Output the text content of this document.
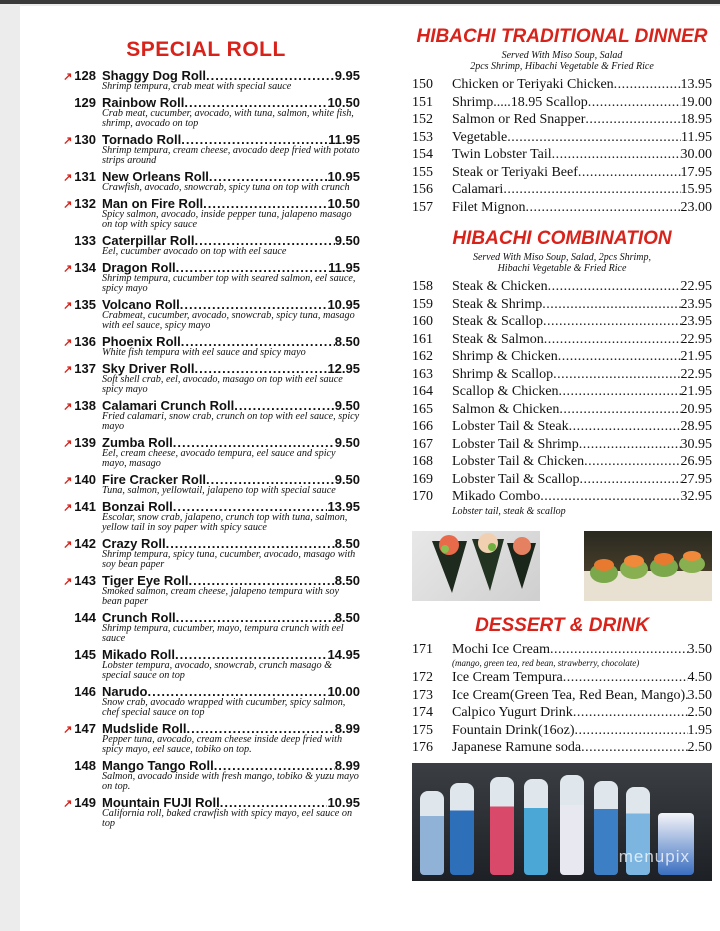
SPECIAL ROLL
↗ 128 Shaggy Dog Roll .....	9.95
Shrimp tempura, crab meat with special sauce
129 Rainbow Roll .....	10.50
Crab meat, cucumber, avocado, with tuna, salmon, white fish, shrimp, avocado on top
↗ 130 Tornado Roll .....	11.95
Shrimp tempura, cream cheese, avocado deep fried with potato strips around
↗ 131 New Orleans Roll .....	10.95
Crawfish, avocado, snowcrab, spicy tuna on top with crunch
↗ 132 Man on Fire Roll .....	10.50
Spicy salmon, avocado, inside pepper tuna, jalapeno masago on top with spicy sauce
133 Caterpillar Roll .....	9.50
Eel, cucumber avocado on top with eel sauce
↗ 134 Dragon Roll .....	11.95
Shrimp tempura, cucumber top with seared salmon, eel sauce, spicy mayo
↗ 135 Volcano Roll .....	10.95
Crabmeat, cucumber, avocado, snowcrab, spicy tuna, masago with eel sauce, spicy mayo
↗ 136 Phoenix Roll .....	8.50
White fish tempura with eel sauce and spicy mayo
↗ 137 Sky Driver Roll .....	12.95
Soft shell crab, eel, avocado, masago on top with eel sauce spicy mayo
↗ 138 Calamari Crunch Roll .....	9.50
Fried calamari, snow crab, crunch on top with eel sauce, spicy mayo
↗ 139 Zumba Roll .....	9.50
Eel, cream cheese, avocado tempura, eel sauce and spicy mayo, masago
↗ 140 Fire Cracker Roll .....	9.50
Tuna, salmon, yellowtail, jalapeno top with special sauce
↗ 141 Bonzai Roll .....	13.95
Escolar, snow crab, jalapeno, crunch top with tuna, salmon, yellow tail in soy paper with spicy sauce
↗ 142 Crazy Roll .....	8.50
Shrimp tempura, spicy tuna, cucumber, avocado, masago with soy bean paper
↗ 143 Tiger Eye Roll .....	8.50
Smoked salmon, cream cheese, jalapeno tempura with soy bean paper
144 Crunch Roll .....	8.50
Shrimp tempura, cucumber, mayo, tempura crunch with eel sauce
145 Mikado Roll .....	14.95
Lobster tempura, avocado, snowcrab, crunch masago & special sauce on top
146 Narudo .....	10.00
Snow crab, avocado wrapped with cucumber, spicy salmon, chef special sauce on top
↗ 147 Mudslide Roll .....	8.99
Pepper tuna, avocado, cream cheese inside deep fried with spicy mayo, eel sauce, tobiko on top.
148 Mango Tango Roll .....	8.99
Salmon, avocado inside with fresh mango, tobiko & yuzu mayo on top.
↗ 149 Mountain FUJI Roll .....	10.95
California roll, baked crawfish with spicy mayo, eel sauce on top
HIBACHI TRADITIONAL DINNER
Served With Miso Soup, Salad
2pcs Shrimp, Hibachi Vegetable & Fried Rice
150	Chicken or Teriyaki Chicken .....	13.95
151	Shrimp.....18.95 Scallop .....	19.00
152	Salmon or Red Snapper .....	18.95
153	Vegetable .....	11.95
154	Twin Lobster Tail .....	30.00
155	Steak or Teriyaki Beef .....	17.95
156	Calamari .....	15.95
157	Filet Mignon .....	23.00
HIBACHI COMBINATION
Served With Miso Soup, Salad, 2pcs Shrimp,
Hibachi Vegetable & Fried Rice
158	Steak & Chicken .....	22.95
159	Steak & Shrimp .....	23.95
160	Steak & Scallop .....	23.95
161	Steak & Salmon .....	22.95
162	Shrimp & Chicken .....	21.95
163	Shrimp & Scallop .....	22.95
164	Scallop & Chicken .....	21.95
165	Salmon & Chicken .....	20.95
166	Lobster Tail & Steak .....	28.95
167	Lobster Tail & Shrimp .....	30.95
168	Lobster Tail & Chicken .....	26.95
169	Lobster Tail & Scallop .....	27.95
170	Mikado Combo .....	32.95
Lobster tail, steak & scallop
DESSERT & DRINK
171	Mochi Ice Cream .....	3.50
(mango, green tea, red bean, strawberry, chocolate)
172	Ice Cream Tempura .....	4.50
173	Ice Cream(Green Tea, Red Bean, Mango) ..... 3.50
174	Calpico Yugurt Drink .....	2.50
175	Fountain Drink(16oz) .....	1.95
176	Japanese Ramune soda .....	2.50
menupix
